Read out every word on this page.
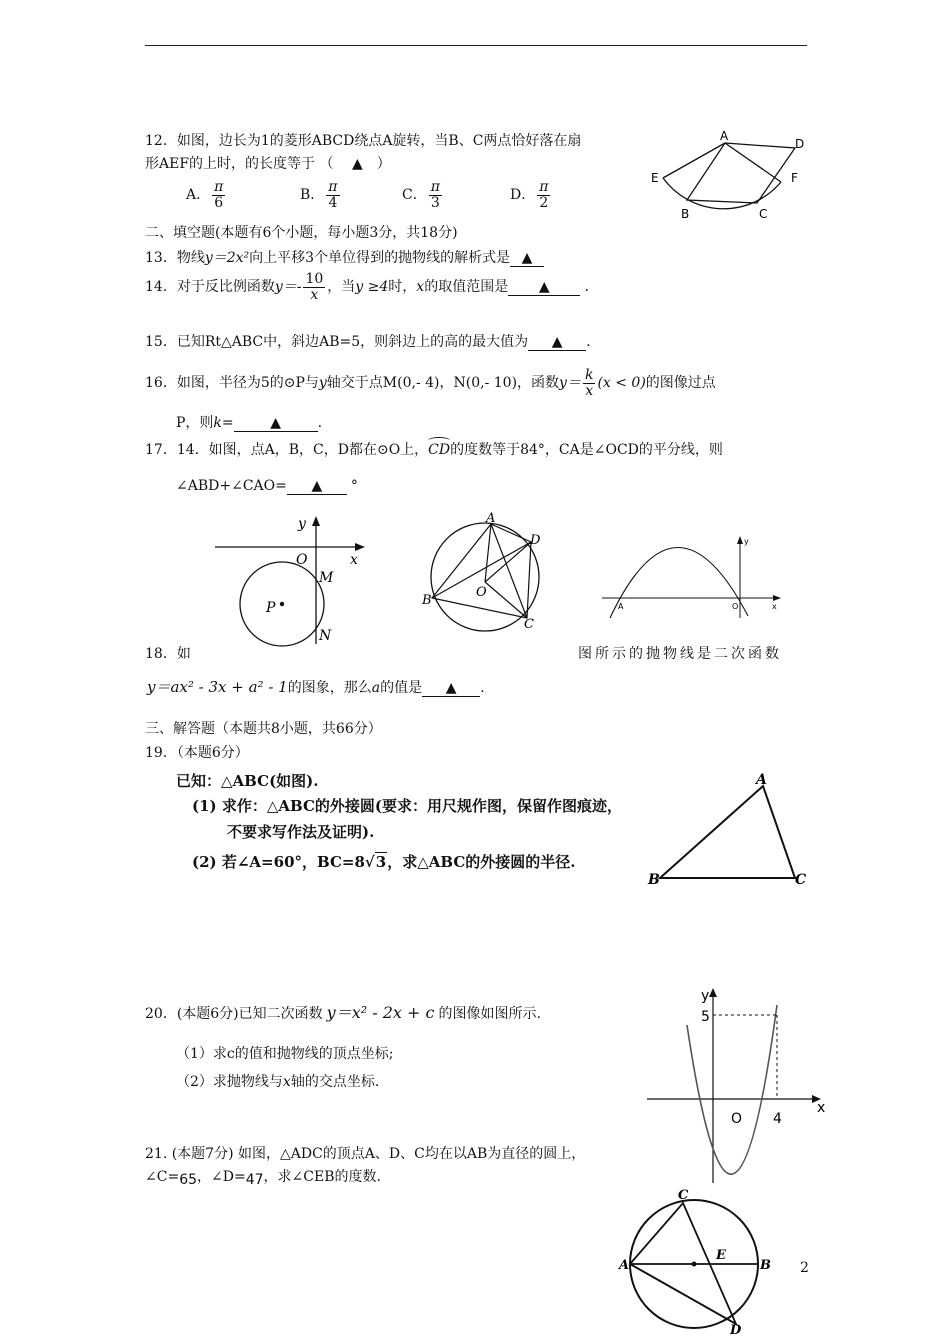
12．如图，边长为1的菱形ABCD绕点A旋转，当B、C两点恰好落在扇
形AEF的上时，的长度等于 （ ▲ ）
A． $\frac{\pi}{6}$	B． $\frac{\pi}{4}$	C． $\frac{\pi}{3}$	D． $\frac{\pi}{2}$
A
D
E	F
B	C
二、填空题(本题有6个小题，每小题3分，共18分)
13．物线y＝2x²向上平移3个单位得到的抛物线的解析式是 ▲
14．对于反比例函数$y=- \frac{10}{x}$ ，当y ≥4时，x的取值范围是 ▲	．
15．已知Rt△ABC中，斜边AB=5，则斜边上的高的最大值为 ▲ .
16．如图，半径为5的⊙P与y轴交于点M(0,- 4)，N(0,- 10)，函数$y= \frac{k}{x} (x < 0)$的图像过点
P，则k=	▲	.
17．14．如图，点A，B，C，D都在⊙O上，
CD的度数等于84°，CA是∠OCD的平分线，则
∠ABD+∠CAO= ▲ °
y
O	x
M
P
N
A
D
B
O
C
y
A	O	x
18．如	图所示的抛物线是二次函数
y＝ax² - 3x + a² - 1的图象，那么a的值是 ▲ .
三、解答题（本题共8小题，共66分）
19．（本题6分）
已知：△ABC(如图).
(1) 求作：△ABC的外接圆(要求：用尺规作图，保留作图痕迹，
不要求写作法及证明).
(2) 若∠A=60°，BC=8√3，求△ABC的外接圆的半径.
A
B	C
20．(本题6分)已知二次函数 y＝x² - 2x + c 的图像如图所示.
（1）求c的值和抛物线的顶点坐标;
（2）求抛物线与x轴的交点坐标.
y
5
O 4
x
21. (本题7分) 如图，△ADC的顶点A、D、C均在以AB为直径的圆上，
∠C=65，∠D=47，求∠CEB的度数.
C
A
E
B
D
2
